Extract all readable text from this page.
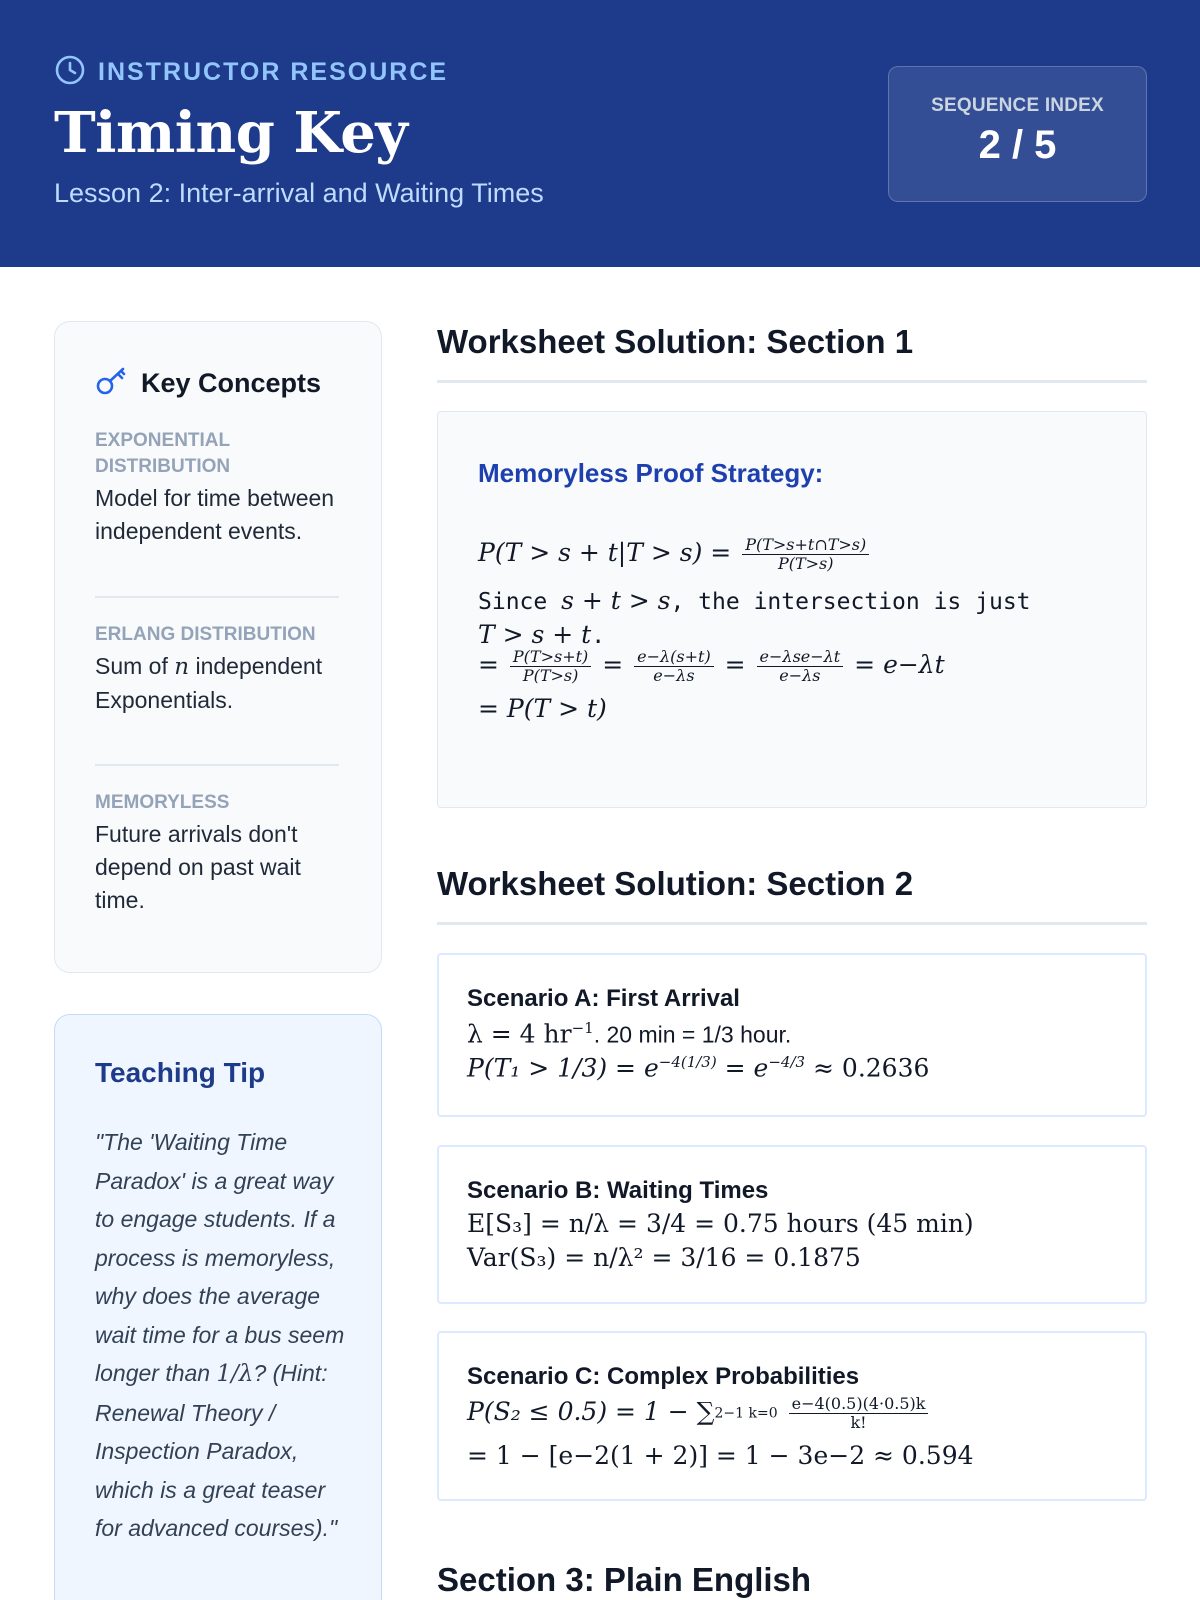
INSTRUCTOR RESOURCE
Timing Key
Lesson 2: Inter-arrival and Waiting Times
SEQUENCE INDEX
2 / 5
Key Concepts
EXPONENTIAL DISTRIBUTION
Model for time between independent events.
ERLANG DISTRIBUTION
Sum of n independent Exponentials.
MEMORYLESS
Future arrivals don't depend on past wait time.
Teaching Tip
"The 'Waiting Time Paradox' is a great way to engage students. If a process is memoryless, why does the average wait time for a bus seem longer than 1/λ? (Hint: Renewal Theory / Inspection Paradox, which is a great teaser for advanced courses)."
Worksheet Solution: Section 1
Memoryless Proof Strategy:
$P(T > s + t|T > s) = \frac{P(T>s+t\cap T>s)}{P(T>s)}$
Since s + t > s, the intersection is just
T > s + t.
= $\frac{P(T>s+t)}{P(T>s)} = \frac{e-\lambda(s+t)}{e-\lambda s} = \frac{\text{e−λse−λt}}{e-\lambda s} = e-\lambda t$
= P(T > t)
Worksheet Solution: Section 2
Scenario A: First Arrival
λ = 4 $hr^{-1}$. 20 min = 1/3 hour.
$P(T_1 > 1/3) = e^{-4(1/3)} = e^{-4/3} \approx 0.2636$
Scenario B: Waiting Times
E[S₃] = n/λ = 3/4 = 0.75 hours (45 min)
Var(S₃) = n/λ² = 3/16 = 0.1875
Scenario C: Complex Probabilities
P(S₂ ≤ 0.5) = 1 − ∑2−1 $k=0 \frac{e-4(0.5)(4\cdot 0.5)k}{k!}$
= 1 − [e−2(1 + 2)] = 1 − 3e−2 ≈ 0.594
Section 3: Plain English
